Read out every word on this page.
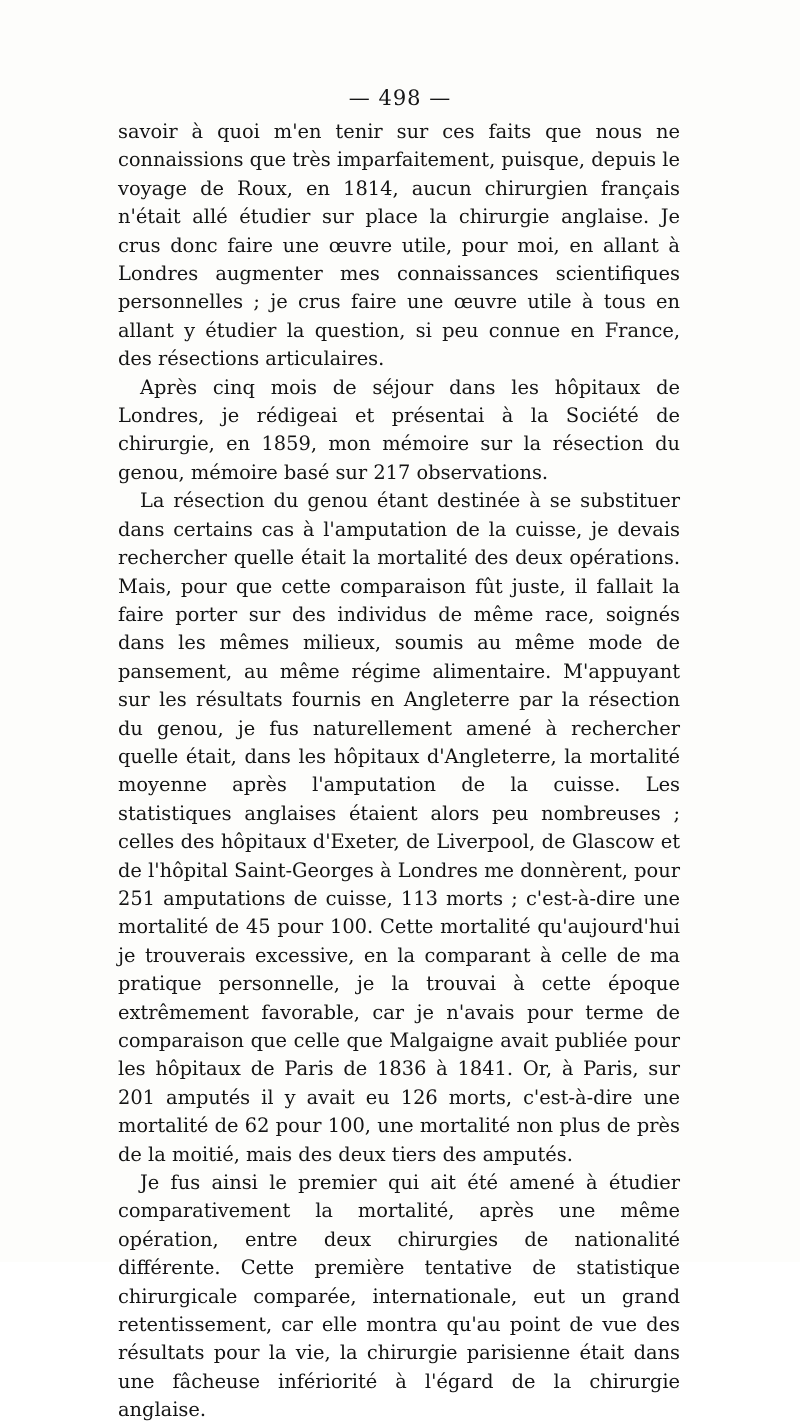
— 498 —

savoir à quoi m'en tenir sur ces faits que nous ne connaissions que très imparfaitement, puisque, depuis le voyage de Roux, en 1814, aucun chirurgien français n'était allé étudier sur place la chirurgie anglaise. Je crus donc faire une œuvre utile, pour moi, en allant à Londres augmenter mes connaissances scientifiques personnelles ; je crus faire une œuvre utile à tous en allant y étudier la question, si peu connue en France, des résections articulaires.

Après cinq mois de séjour dans les hôpitaux de Londres, je rédigeai et présentai à la Société de chirurgie, en 1859, mon mémoire sur la résection du genou, mémoire basé sur 217 observations.

La résection du genou étant destinée à se substituer dans certains cas à l'amputation de la cuisse, je devais rechercher quelle était la mortalité des deux opérations. Mais, pour que cette comparaison fût juste, il fallait la faire porter sur des individus de même race, soignés dans les mêmes milieux, soumis au même mode de pansement, au même régime alimentaire. M'appuyant sur les résultats fournis en Angleterre par la résection du genou, je fus naturellement amené à rechercher quelle était, dans les hôpitaux d'Angleterre, la mortalité moyenne après l'amputation de la cuisse. Les statistiques anglaises étaient alors peu nombreuses ; celles des hôpitaux d'Exeter, de Liverpool, de Glascow et de l'hôpital Saint-Georges à Londres me donnèrent, pour 251 amputations de cuisse, 113 morts ; c'est-à-dire une mortalité de 45 pour 100. Cette mortalité qu'aujourd'hui je trouverais excessive, en la comparant à celle de ma pratique personnelle, je la trouvai à cette époque extrêmement favorable, car je n'avais pour terme de comparaison que celle que Malgaigne avait publiée pour les hôpitaux de Paris de 1836 à 1841. Or, à Paris, sur 201 amputés il y avait eu 126 morts, c'est-à-dire une mortalité de 62 pour 100, une mortalité non plus de près de la moitié, mais des deux tiers des amputés.

Je fus ainsi le premier qui ait été amené à étudier comparativement la mortalité, après une même opération, entre deux chirurgies de nationalité différente. Cette première tentative de statistique chirurgicale comparée, internationale, eut un grand retentissement, car elle montra qu'au point de vue des résultats pour la vie, la chirurgie parisienne était dans une fâcheuse infériorité à l'égard de la chirurgie anglaise.
